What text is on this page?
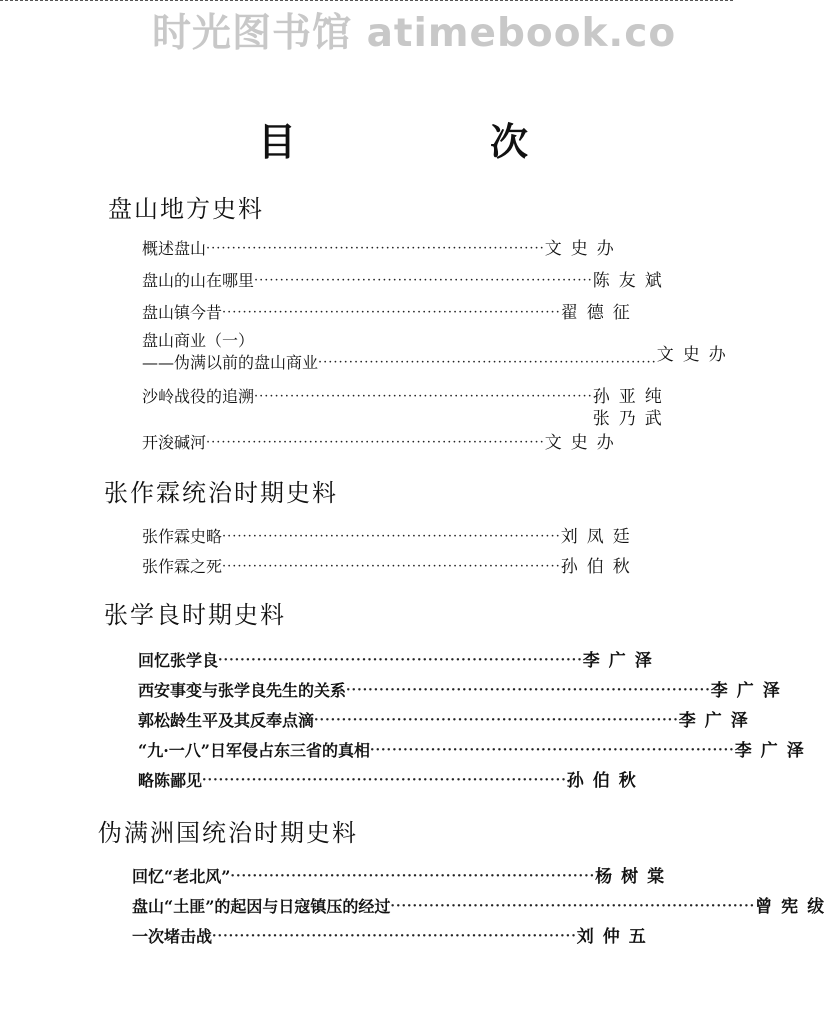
时光图书馆 atimebook.co
目	次
盘山地方史料
概述盘山 ·································································· 文史办
盘山的山在哪里 ·································································· 陈友斌
盘山镇今昔 ·································································· 翟德征
盘山商业（一）
——伪满以前的盘山商业 ·································································· 文史办
沙岭战役的追溯 ·································································· 孙亚纯
张乃武
开浚碱河 ·································································· 文史办
张作霖统治时期史料
张作霖史略 ·································································· 刘凤廷
张作霖之死 ·································································· 孙伯秋
张学良时期史料
回忆张学良 ·································································· 李广泽
西安事变与张学良先生的关系 ·································································· 李广泽
郭松龄生平及其反奉点滴 ·································································· 李广泽
“九·一八”日军侵占东三省的真相 ·································································· 李广泽
略陈鄙见 ·································································· 孙伯秋
伪满洲国统治时期史料
回忆“老北风” ·································································· 杨树棠
盘山“土匪”的起因与日寇镇压的经过 ·································································· 曾宪绂
一次堵击战 ·································································· 刘仲五
